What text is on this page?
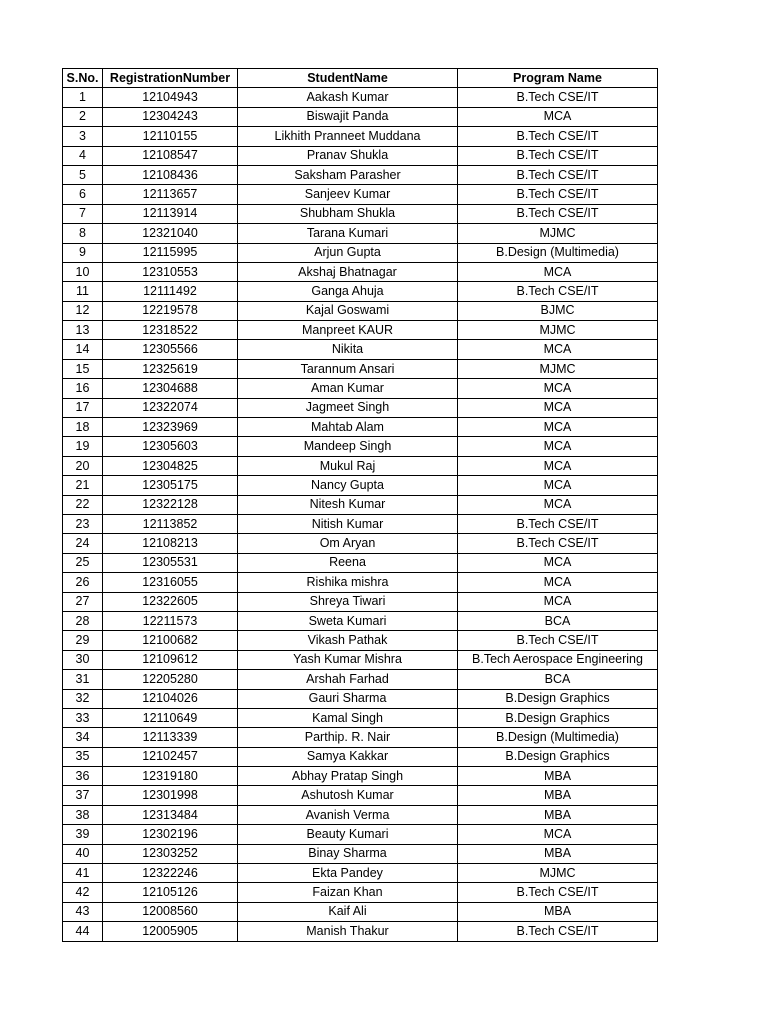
S.No.	RegistrationNumber	StudentName	Program Name
1	12104943	Aakash Kumar	B.Tech CSE/IT
2	12304243	Biswajit Panda	MCA
3	12110155	Likhith Pranneet Muddana	B.Tech CSE/IT
4	12108547	Pranav Shukla	B.Tech CSE/IT
5	12108436	Saksham Parasher	B.Tech CSE/IT
6	12113657	Sanjeev Kumar	B.Tech CSE/IT
7	12113914	Shubham Shukla	B.Tech CSE/IT
8	12321040	Tarana Kumari	MJMC
9	12115995	Arjun Gupta	B.Design (Multimedia)
10	12310553	Akshaj Bhatnagar	MCA
11	12111492	Ganga Ahuja	B.Tech CSE/IT
12	12219578	Kajal Goswami	BJMC
13	12318522	Manpreet KAUR	MJMC
14	12305566	Nikita	MCA
15	12325619	Tarannum Ansari	MJMC
16	12304688	Aman Kumar	MCA
17	12322074	Jagmeet Singh	MCA
18	12323969	Mahtab Alam	MCA
19	12305603	Mandeep Singh	MCA
20	12304825	Mukul Raj	MCA
21	12305175	Nancy Gupta	MCA
22	12322128	Nitesh Kumar	MCA
23	12113852	Nitish Kumar	B.Tech CSE/IT
24	12108213	Om Aryan	B.Tech CSE/IT
25	12305531	Reena	MCA
26	12316055	Rishika mishra	MCA
27	12322605	Shreya Tiwari	MCA
28	12211573	Sweta Kumari	BCA
29	12100682	Vikash Pathak	B.Tech CSE/IT
30	12109612	Yash Kumar Mishra	B.Tech Aerospace Engineering
31	12205280	Arshah Farhad	BCA
32	12104026	Gauri Sharma	B.Design Graphics
33	12110649	Kamal Singh	B.Design Graphics
34	12113339	Parthip. R. Nair	B.Design (Multimedia)
35	12102457	Samya Kakkar	B.Design Graphics
36	12319180	Abhay Pratap Singh	MBA
37	12301998	Ashutosh Kumar	MBA
38	12313484	Avanish Verma	MBA
39	12302196	Beauty Kumari	MCA
40	12303252	Binay Sharma	MBA
41	12322246	Ekta Pandey	MJMC
42	12105126	Faizan Khan	B.Tech CSE/IT
43	12008560	Kaif Ali	MBA
44	12005905	Manish Thakur	B.Tech CSE/IT
